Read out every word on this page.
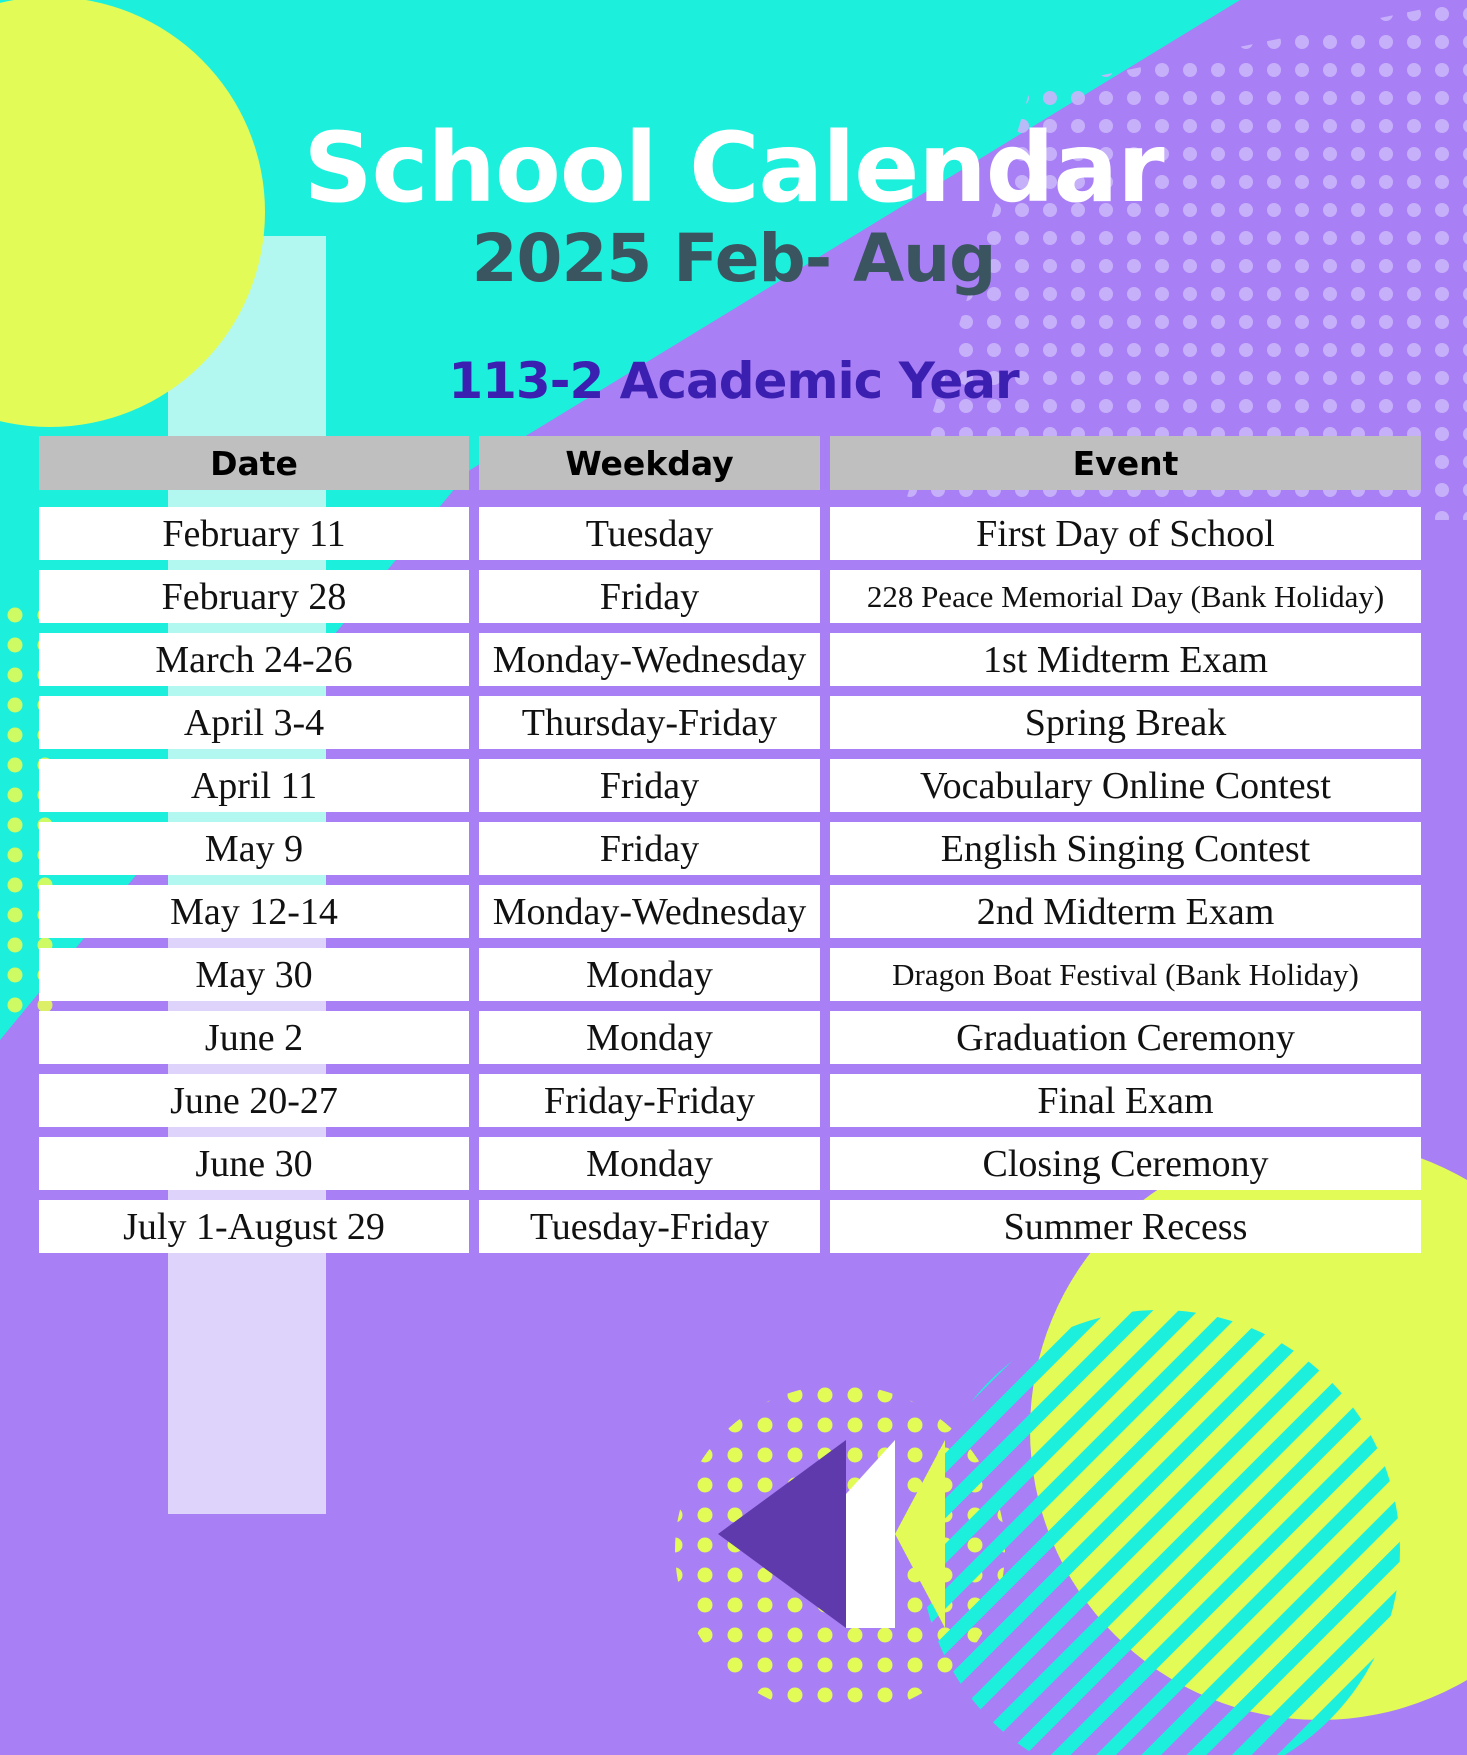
School Calendar
2025 Feb- Aug
113-2 Academic Year
Date	Weekday	Event
February 11	Tuesday	First Day of School
February 28	Friday	228 Peace Memorial Day (Bank Holiday)
March 24-26	Monday-Wednesday	1st Midterm Exam
April 3-4	Thursday-Friday	Spring Break
April 11	Friday	Vocabulary Online Contest
May 9	Friday	English Singing Contest
May 12-14	Monday-Wednesday	2nd Midterm Exam
May 30	Monday	Dragon Boat Festival (Bank Holiday)
June 2	Monday	Graduation Ceremony
June 20-27	Friday-Friday	Final Exam
June 30	Monday	Closing Ceremony
July 1-August 29	Tuesday-Friday	Summer Recess
